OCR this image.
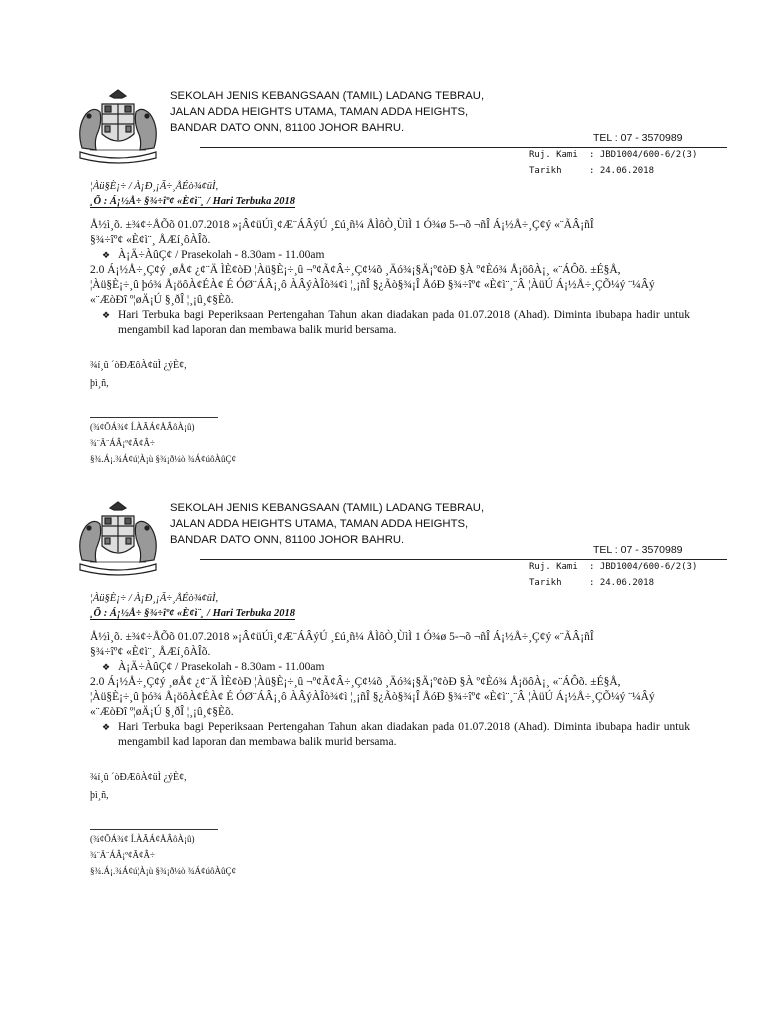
SEKOLAH JENIS KEBANGSAAN (TAMIL) LADANG TEBRAU,
JALAN ADDA HEIGHTS UTAMA, TAMAN ADDA HEIGHTS,
BANDAR DATO ONN, 81100 JOHOR BAHRU.
TEL : 07 - 3570989
Ruj. Kami : JBD1004/600-6/2(3)
Tarikh	: 24.06.2018
¦Àü§È¡÷ / À¡Ð¸¡Ã÷¸ÅÉò¾¢üÌ,
¸Õ : Á¡½Å÷ §¾÷îº¢ «È¢ì¨¸ / Hari Terbuka 2018

Å½ì¸õ. ±¾¢÷ÅÕõ 01.07.2018 »¡Â¢üÚì¸¢Æ¨ÁÂýÚ ¸£ú¸ñ¼ ÅÌôÒ¸ÙìÌ 1 Ó¾ø 5-¬õ ¬ñÎ Á¡½Å÷¸Ç¢ý «¨ÃÂ¡ñÎ

§¾÷îº¢ «È¢ì¨¸ ÅÆí¸ôÀÎõ.

❖ À¡Ä÷ÀûÇ¢ / Prasekolah - 8.30am - 11.00am

2.0 Á¡½Å÷¸Ç¢ý ¸øÅ¢ ¿¢¨Ä ÌÈ¢òÐ ¦Àü§È¡÷¸û ¬º¢Ã¢Â÷¸Ç¢¼õ ¸Äó¾¡§Ä¡º¢òÐ §À º¢Èó¾ Å¡öôÀ¡¸ «¨ÁÔõ. ±É§Å,

¦Àü§È¡÷¸û þó¾ Å¡öôÀ¢ÉÀ¢ É ÓØ¨ÁÂ¡¸ô ÀÂýÀÎò¾¢ì ¦¸¡ñÎ §¿Ãò§¾¡Î ÅóÐ §¾÷îº¢ «È¢ì¨¸¨Â ¦ÀüÚ Á¡½Å÷¸ÇÕ¼ý ¨¼Âý

«¨ÆòÐî º¦øÄ¡Ú §¸ðÎ ¦¸¡û¸¢§Èõ.

❖ Hari Terbuka bagi Peperiksaan Pertengahan Tahun akan diadakan pada 01.07.2018 (Ahad). Diminta ibubapa hadir untuk mengambil kad laporan dan membawa balik murid bersama.
¾í¸û ´òÐÆôÀ¢üÌ ¿ýÈ¢,
þì¸ñ,
(¾¢ÕÁ¾¢ Í.ÀÃÁ¢ÅÂôÀ¡û)
¾¨Ä¨ÁÂ¡º¢Ã¢Â÷
§¾.Á¡.¾Á¢ú¦À¡ù §¾¡ð¼ò ¾Á¢úôÀûÇ¢
SEKOLAH JENIS KEBANGSAAN (TAMIL) LADANG TEBRAU,
JALAN ADDA HEIGHTS UTAMA, TAMAN ADDA HEIGHTS,
BANDAR DATO ONN, 81100 JOHOR BAHRU.
TEL : 07 - 3570989
Ruj. Kami : JBD1004/600-6/2(3)
Tarikh	: 24.06.2018
¦Àü§È¡÷ / À¡Ð¸¡Ã÷¸ÅÉò¾¢üÌ,
¸Õ : Á¡½Å÷ §¾÷îº¢ «È¢ì¨¸ / Hari Terbuka 2018

Å½ì¸õ. ±¾¢÷ÅÕõ 01.07.2018 »¡Â¢üÚì¸¢Æ¨ÁÂýÚ ¸£ú¸ñ¼ ÅÌôÒ¸ÙìÌ 1 Ó¾ø 5-¬õ ¬ñÎ Á¡½Å÷¸Ç¢ý «¨ÃÂ¡ñÎ

§¾÷îº¢ «È¢ì¨¸ ÅÆí¸ôÀÎõ.

❖ À¡Ä÷ÀûÇ¢ / Prasekolah - 8.30am - 11.00am

2.0 Á¡½Å÷¸Ç¢ý ¸øÅ¢ ¿¢¨Ä ÌÈ¢òÐ ¦Àü§È¡÷¸û ¬º¢Ã¢Â÷¸Ç¢¼õ ¸Äó¾¡§Ä¡º¢òÐ §À º¢Èó¾ Å¡öôÀ¡¸ «¨ÁÔõ. ±É§Å,

¦Àü§È¡÷¸û þó¾ Å¡öôÀ¢ÉÀ¢ É ÓØ¨ÁÂ¡¸ô ÀÂýÀÎò¾¢ì ¦¸¡ñÎ §¿Ãò§¾¡Î ÅóÐ §¾÷îº¢ «È¢ì¨¸¨Â ¦ÀüÚ Á¡½Å÷¸ÇÕ¼ý ¨¼Âý

«¨ÆòÐî º¦øÄ¡Ú §¸ðÎ ¦¸¡û¸¢§Èõ.

❖ Hari Terbuka bagi Peperiksaan Pertengahan Tahun akan diadakan pada 01.07.2018 (Ahad). Diminta ibubapa hadir untuk mengambil kad laporan dan membawa balik murid bersama.
¾í¸û ´òÐÆôÀ¢üÌ ¿ýÈ¢,
þì¸ñ,
(¾¢ÕÁ¾¢ Í.ÀÃÁ¢ÅÂôÀ¡û)
¾¨Ä¨ÁÂ¡º¢Ã¢Â÷
§¾.Á¡.¾Á¢ú¦À¡ù §¾¡ð¼ò ¾Á¢úôÀûÇ¢
